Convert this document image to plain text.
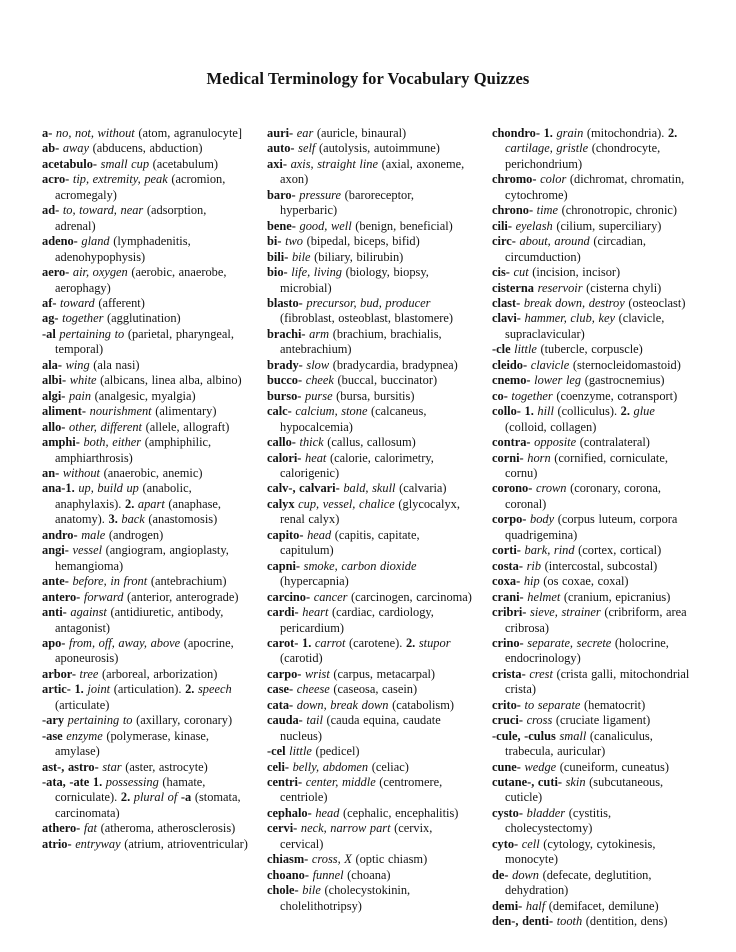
Medical Terminology for Vocabulary Quizzes

a- no, not, without (atom, agranulocyte]

ab- away (abducens, abduction)

acetabulo- small cup (acetabulum)

acro- tip, extremity, peak (acromion, acromegaly)

ad- to, toward, near (adsorption, adrenal)

adeno- gland (lymphadenitis, adenohypophysis)

aero- air, oxygen (aerobic, anaerobe, aerophagy)

af- toward (afferent)

ag- together (agglutination)

-al pertaining to (parietal, pharyngeal, temporal)

ala- wing (ala nasi)

albi- white (albicans, linea alba, albino)

algi- pain (analgesic, myalgia)

aliment- nourishment (alimentary)

allo- other, different (allele, allograft)

amphi- both, either (amphiphilic, amphiarthrosis)

an- without (anaerobic, anemic)

ana-1. up, build up (anabolic, anaphylaxis). 2. apart (anaphase, anatomy). 3. back (anastomosis)

andro- male (androgen)

angi- vessel (angiogram, angioplasty, hemangioma)

ante- before, in front (antebrachium)

antero- forward (anterior, anterograde)

anti- against (antidiuretic, antibody, antagonist)

apo- from, off, away, above (apocrine, aponeurosis)

arbor- tree (arboreal, arborization)

artic- 1. joint (articulation). 2. speech (articulate)

-ary pertaining to (axillary, coronary)

-ase enzyme (polymerase, kinase, amylase)

ast-, astro- star (aster, astrocyte)

-ata, -ate 1. possessing (hamate, corniculate). 2. plural of -a (stomata, carcinomata)

athero- fat (atheroma, atherosclerosis)

atrio- entryway (atrium, atrioventricular)

auri- ear (auricle, binaural)

auto- self (autolysis, autoimmune)

axi- axis, straight line (axial, axoneme, axon)

baro- pressure (baroreceptor, hyperbaric)

bene- good, well (benign, beneficial)

bi- two (bipedal, biceps, bifid)

bili- bile (biliary, bilirubin)

bio- life, living (biology, biopsy, microbial)

blasto- precursor, bud, producer (fibroblast, osteoblast, blastomere)

brachi- arm (brachium, brachialis, antebrachium)

brady- slow (bradycardia, bradypnea)

bucco- cheek (buccal, buccinator)

burso- purse (bursa, bursitis)

calc- calcium, stone (calcaneus, hypocalcemia)

callo- thick (callus, callosum)

calori- heat (calorie, calorimetry, calorigenic)

calv-, calvari- bald, skull (calvaria)

calyx cup, vessel, chalice (glycocalyx, renal calyx)

capito- head (capitis, capitate, capitulum)

capni- smoke, carbon dioxide (hypercapnia)

carcino- cancer (carcinogen, carcinoma)

cardi- heart (cardiac, cardiology, pericardium)

carot- 1. carrot (carotene). 2. stupor (carotid)

carpo- wrist (carpus, metacarpal)

case- cheese (caseosa, casein)

cata- down, break down (catabolism)

cauda- tail (cauda equina, caudate nucleus)

-cel little (pedicel)

celi- belly, abdomen (celiac)

centri- center, middle (centromere, centriole)

cephalo- head (cephalic, encephalitis)

cervi- neck, narrow part (cervix, cervical)

chiasm- cross, X (optic chiasm)

choano- funnel (choana)

chole- bile (cholecystokinin, cholelithotripsy)

chondro- 1. grain (mitochondria). 2. cartilage, gristle (chondrocyte, perichondrium)

chromo- color (dichromat, chromatin, cytochrome)

chrono- time (chronotropic, chronic)

cili- eyelash (cilium, superciliary)

circ- about, around (circadian, circumduction)

cis- cut (incision, incisor)

cisterna reservoir (cisterna chyli)

clast- break down, destroy (osteoclast)

clavi- hammer, club, key (clavicle, supraclavicular)

-cle little (tubercle, corpuscle)

cleido- clavicle (sternocleidomastoid)

cnemo- lower leg (gastrocnemius)

co- together (coenzyme, cotransport)

collo- 1. hill (colliculus). 2. glue (colloid, collagen)

contra- opposite (contralateral)

corni- horn (cornified, corniculate, cornu)

corono- crown (coronary, corona, coronal)

corpo- body (corpus luteum, corpora quadrigemina)

corti- bark, rind (cortex, cortical)

costa- rib (intercostal, subcostal)

coxa- hip (os coxae, coxal)

crani- helmet (cranium, epicranius)

cribri- sieve, strainer (cribriform, area cribrosa)

crino- separate, secrete (holocrine, endocrinology)

crista- crest (crista galli, mitochondrial crista)

crito- to separate (hematocrit)

cruci- cross (cruciate ligament)

-cule, -culus small (canaliculus, trabecula, auricular)

cune- wedge (cuneiform, cuneatus)

cutane-, cuti- skin (subcutaneous, cuticle)

cysto- bladder (cystitis, cholecystectomy)

cyto- cell (cytology, cytokinesis, monocyte)

de- down (defecate, deglutition, dehydration)

demi- half (demifacet, demilune)

den-, denti- tooth (dentition, dens)
